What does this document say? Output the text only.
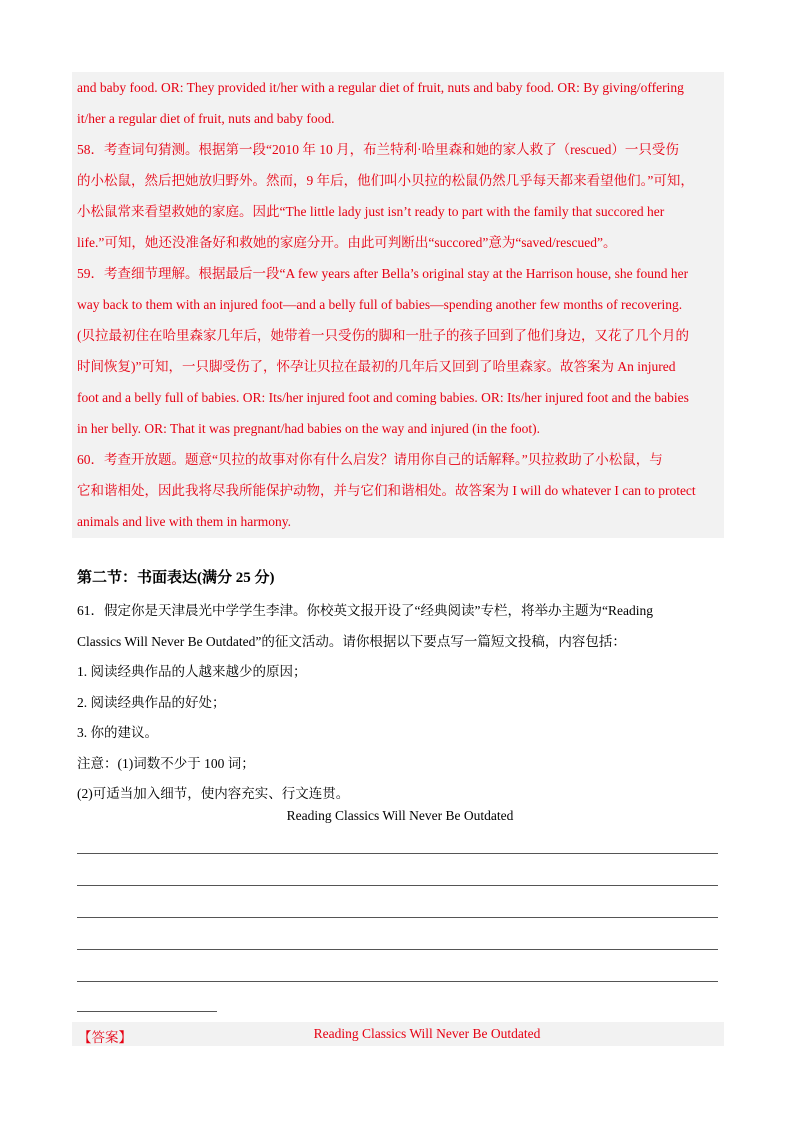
and baby food. OR: They provided it/her with a regular diet of fruit, nuts and baby food. OR: By giving/offering

it/her a regular diet of fruit, nuts and baby food.

58．考查词句猜测。根据第一段“2010 年 10 月，布兰特利·哈里森和她的家人救了（rescued）一只受伤

的小松鼠，然后把她放归野外。然而，9 年后，他们叫小贝拉的松鼠仍然几乎每天都来看望他们。”可知，

小松鼠常来看望救她的家庭。因此“The little lady just isn’t ready to part with the family that succored her

life.”可知，她还没准备好和救她的家庭分开。由此可判断出“succored”意为“saved/rescued”。

59．考查细节理解。根据最后一段“A few years after Bella’s original stay at the Harrison house, she found her

way back to them with an injured foot—and a belly full of babies—spending another few months of recovering.

(贝拉最初住在哈里森家几年后，她带着一只受伤的脚和一肚子的孩子回到了他们身边，又花了几个月的

时间恢复)”可知，一只脚受伤了，怀孕让贝拉在最初的几年后又回到了哈里森家。故答案为 An injured

foot and a belly full of babies. OR: Its/her injured foot and coming babies. OR: Its/her injured foot and the babies

in her belly. OR: That it was pregnant/had babies on the way and injured (in the foot).

60．考查开放题。题意“贝拉的故事对你有什么启发？请用你自己的话解释。”贝拉救助了小松鼠，与

它和谐相处，因此我将尽我所能保护动物，并与它们和谐相处。故答案为 I will do whatever I can to protect

animals and live with them in harmony.

第二节：书面表达(满分 25 分)

61．假定你是天津晨光中学学生李津。你校英文报开设了“经典阅读”专栏，将举办主题为“Reading

Classics Will Never Be Outdated”的征文活动。请你根据以下要点写一篇短文投稿，内容包括：

1. 阅读经典作品的人越来越少的原因；

2. 阅读经典作品的好处；

3. 你的建议。

注意：(1)词数不少于 100 词；

(2)可适当加入细节，使内容充实、行文连贯。

Reading Classics Will Never Be Outdated
【答案】	Reading Classics Will Never Be Outdated
